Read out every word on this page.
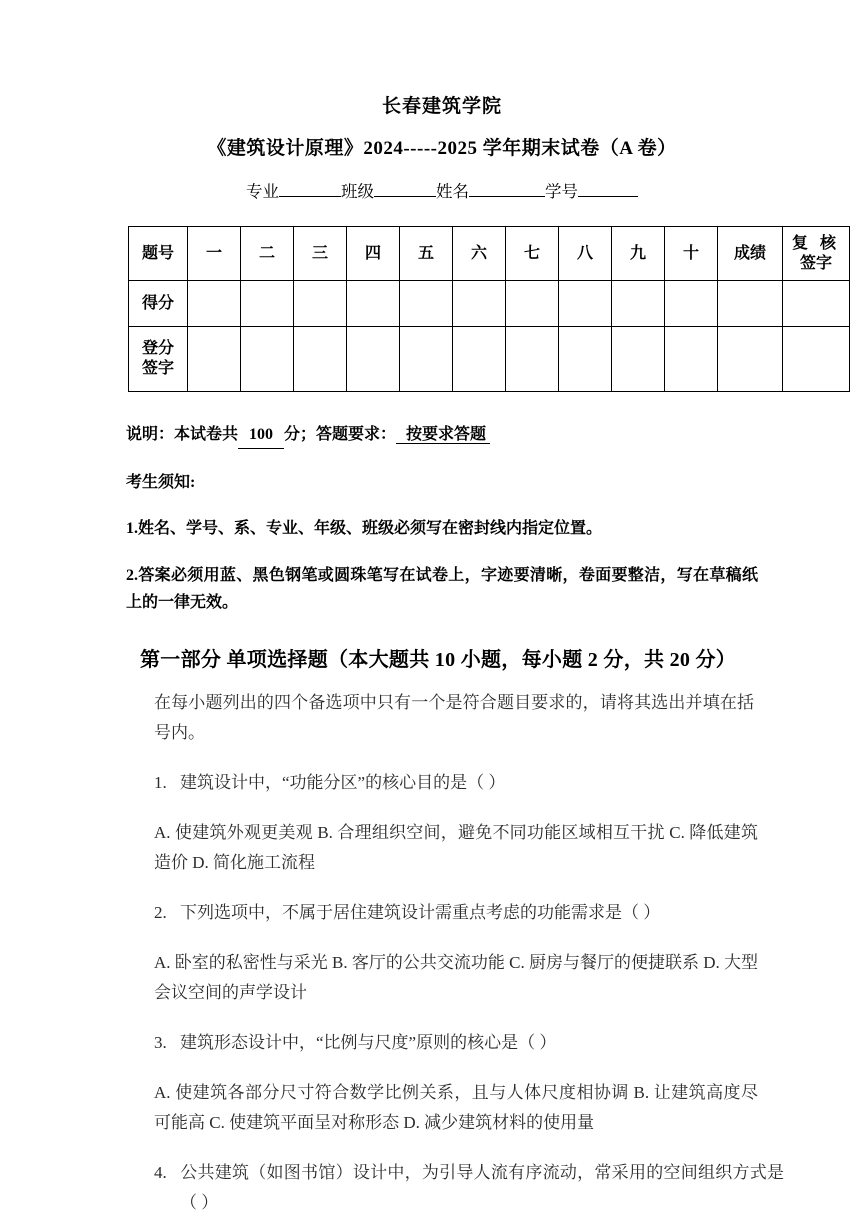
长春建筑学院
《建筑设计原理》2024-----2025 学年期末试卷（A 卷）
专业	班级	姓名	学号
题号	一	二	三	四	五	六	七	八	九	十	成绩	复 核
签字

得分												

登分
签字												

说明：本试卷共 100 分；答题要求： 按要求答题
考生须知:
1.姓名、学号、系、专业、年级、班级必须写在密封线内指定位置。
2.答案必须用蓝、黑色钢笔或圆珠笔写在试卷上，字迹要清晰，卷面要整洁，写在草稿纸上的一律无效。
第一部分 单项选择题（本大题共 10 小题，每小题 2 分，共 20 分）
在每小题列出的四个备选项中只有一个是符合题目要求的，请将其选出并填在括号内。
1. 建筑设计中，“功能分区”的核心目的是（ ）
A. 使建筑外观更美观 B. 合理组织空间，避免不同功能区域相互干扰 C. 降低建筑造价 D. 简化施工流程
2. 下列选项中，不属于居住建筑设计需重点考虑的功能需求是（ ）
A. 卧室的私密性与采光 B. 客厅的公共交流功能 C. 厨房与餐厅的便捷联系 D. 大型会议空间的声学设计
3. 建筑形态设计中，“比例与尺度”原则的核心是（ ）
A. 使建筑各部分尺寸符合数学比例关系，且与人体尺度相协调 B. 让建筑高度尽可能高 C. 使建筑平面呈对称形态 D. 减少建筑材料的使用量
4. 公共建筑（如图书馆）设计中，为引导人流有序流动，常采用的空间组织方式是（ ）
